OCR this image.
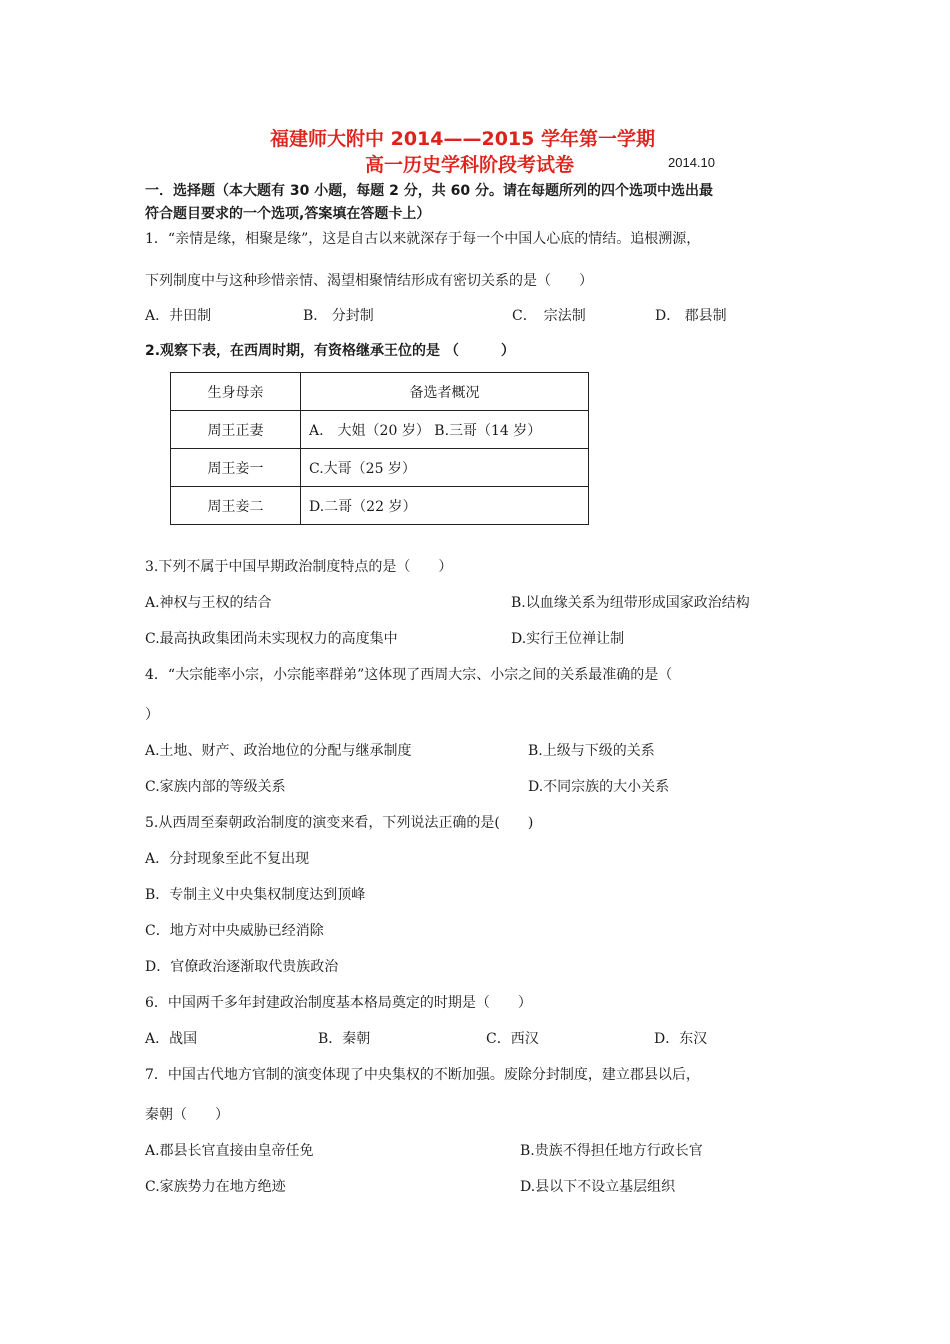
福建师大附中 2014——2015 学年第一学期
高一历史学科阶段考试卷	2014.10
一．选择题（本大题有 30 小题，每题 2 分，共 60 分。请在每题所列的四个选项中选出最
符合题目要求的一个选项,答案填在答题卡上）
1．“亲情是缘，相聚是缘”，这是自古以来就深存于每一个中国人心底的情结。追根溯源，
下列制度中与这种珍惜亲情、渴望相聚情结形成有密切关系的是（　　）
A．井田制	B． 分封制	C．　宗法制	D． 郡县制
2.观察下表，在西周时期，有资格继承王位的是 （　　　）
生身母亲	备选者概况
周王正妻	A.　大姐（20 岁） B.三哥（14 岁）
周王妾一	C.大哥（25 岁）
周王妾二	D.二哥（22 岁）
3.下列不属于中国早期政治制度特点的是（　　）
A.神权与王权的结合	B.以血缘关系为纽带形成国家政治结构
C.最高执政集团尚未实现权力的高度集中	D.实行王位禅让制
4．“大宗能率小宗，小宗能率群弟”这体现了西周大宗、小宗之间的关系最准确的是（
）
A.土地、财产、政治地位的分配与继承制度	B.上级与下级的关系
C.家族内部的等级关系	D.不同宗族的大小关系
5.从西周至秦朝政治制度的演变来看，下列说法正确的是(　　)
A．分封现象至此不复出现
B．专制主义中央集权制度达到顶峰
C．地方对中央威胁已经消除
D．官僚政治逐渐取代贵族政治
6．中国两千多年封建政治制度基本格局奠定的时期是（　　）
A．战国	B．秦朝	C．西汉	D．东汉
7．中国古代地方官制的演变体现了中央集权的不断加强。废除分封制度，建立郡县以后，
秦朝（　　）
A.郡县长官直接由皇帝任免	B.贵族不得担任地方行政长官
C.家族势力在地方绝迹	D.县以下不设立基层组织
